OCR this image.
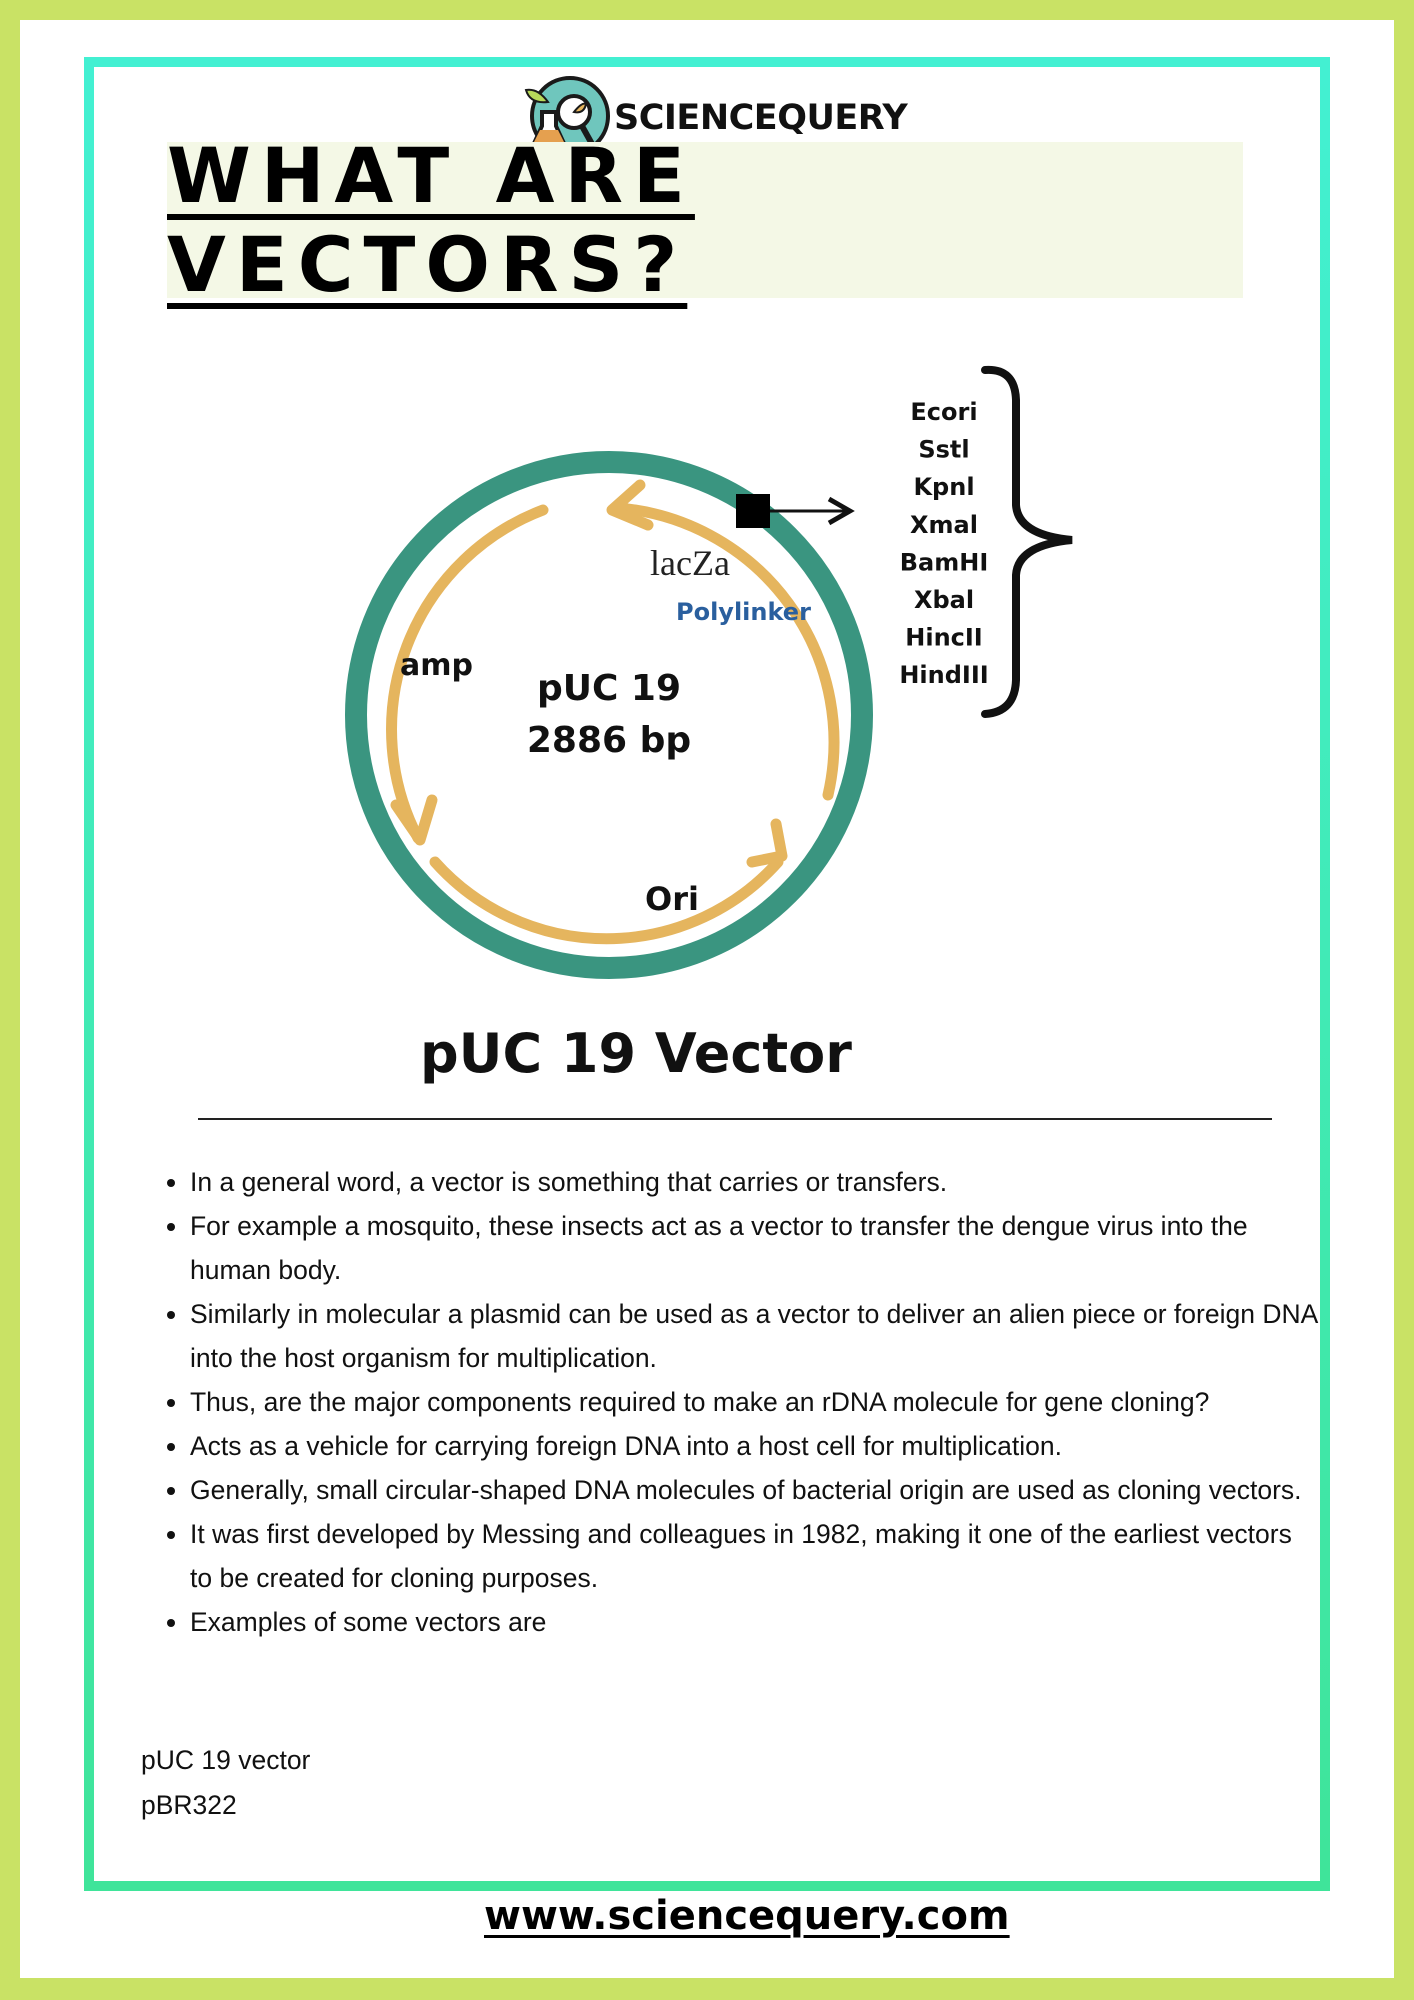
SCIENCEQUERY
WHAT ARE VECTORS?
lacZa
Polylinker
amp
pUC 19
2886 bp
Ori
Ecori
Sstl
Kpnl
Xmal
BamHI
Xbal
HincII
HindIII
pUC 19 Vector
• In a general word, a vector is something that carries or transfers.
• For example a mosquito, these insects act as a vector to transfer the dengue virus into the human body.
• Similarly in molecular a plasmid can be used as a vector to deliver an alien piece or foreign DNA into the host organism for multiplication.
• Thus, are the major components required to make an rDNA molecule for gene cloning?
• Acts as a vehicle for carrying foreign DNA into a host cell for multiplication.
• Generally, small circular-shaped DNA molecules of bacterial origin are used as cloning vectors.
• It was first developed by Messing and colleagues in 1982, making it one of the earliest vectors to be created for cloning purposes.
• Examples of some vectors are
pUC 19 vector
pBR322
www.sciencequery.com
